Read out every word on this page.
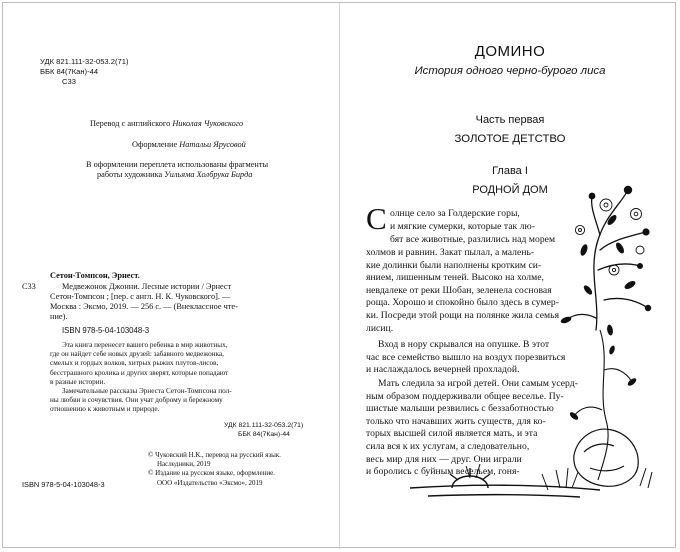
УДК 821.111-32-053.2(71)
ББК 84(7Кан)-44
С33
Перевод с английского Николая Чуковского
Оформление Натальи Ярусовой
В оформлении переплета использованы фрагменты
работы художника Уильяма Холбрука Бирда
Сетон-Томпсон, Эрнест.
С33	Медвежонок Джонни. Лесные истории / Эрнест
Сетон-Томпсон ; [пер. с англ. Н. К. Чуковского]. —
Москва : Эксмо, 2019. — 256 с. — (Внеклассное чте-
ние).
ISBN 978-5-04-103048-3
Эта книга перенесет вашего ребенка в мир животных,
где он найдет себе новых друзей: забавного медвежонка,
смелых и гордых волков, хитрых рыжих плутов-лисов,
бесстрашного кролика и других зверят, которые попадают
в разные истории.
Замечательные рассказы Эрнеста Сетон-Томпсона пол-
ны любви и сочувствия. Они учат доброму и бережному
отношению к животным и природе.
УДК 821.111-32-053.2(71)
ББК 84(7Кан)-44
© Чуковский Н.К., перевод на русский язык.
Наследники, 2019
© Издание на русском языке, оформление.
ООО «Издательство «Эксмо», 2019
ISBN 978-5-04-103048-3
ДОМИНО
История одного черно-бурого лиса
Часть первая
ЗОЛОТОЕ ДЕТСТВО
Глава I
РОДНОЙ ДОМ
С олнце село за Голдерские горы,
и мягкие сумерки, которые так лю-
бят все животные, разлились над морем
холмов и равнин. Закат пылал, а малень-
кие долинки были наполнены кротким си-
янием, лишенным теней. Высоко на холме,
невдалеке от реки Шобан, зеленела сосновая
роща. Хорошо и спокойно было здесь в сумер-
ки. Посреди этой рощи на полянке жила семья
лисиц.
Вход в нору скрывался на опушке. В этот
час все семейство вышло на воздух порезвиться
и наслаждалось вечерней прохладой.
Мать следила за игрой детей. Они самым усерд-
ным образом поддерживали общее веселье. Пу-
шистые малыши резвились с беззаботностью
только что начавших жить существ, для ко-
торых высшей силой является мать, и эта
сила вся к их услугам, а следовательно,
весь мир для них — друг. Они играли
и боролись с буйным весельем, гоня-
